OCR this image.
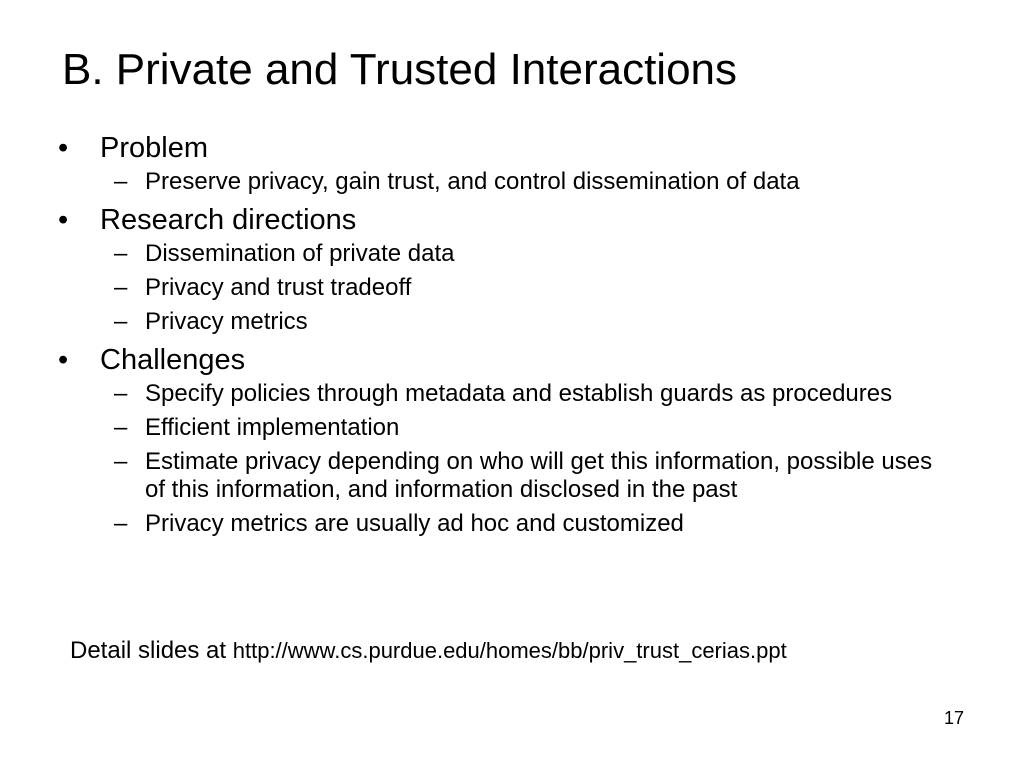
B. Private and Trusted Interactions
• Problem
– Preserve privacy, gain trust, and control dissemination of data
• Research directions
– Dissemination of private data
– Privacy and trust tradeoff
– Privacy metrics
• Challenges
– Specify policies through metadata and establish guards as procedures
– Efficient implementation
– Estimate privacy depending on who will get this information, possible uses of this information, and information disclosed in the past
– Privacy metrics are usually ad hoc and customized
Detail slides at http://www.cs.purdue.edu/homes/bb/priv_trust_cerias.ppt
17
